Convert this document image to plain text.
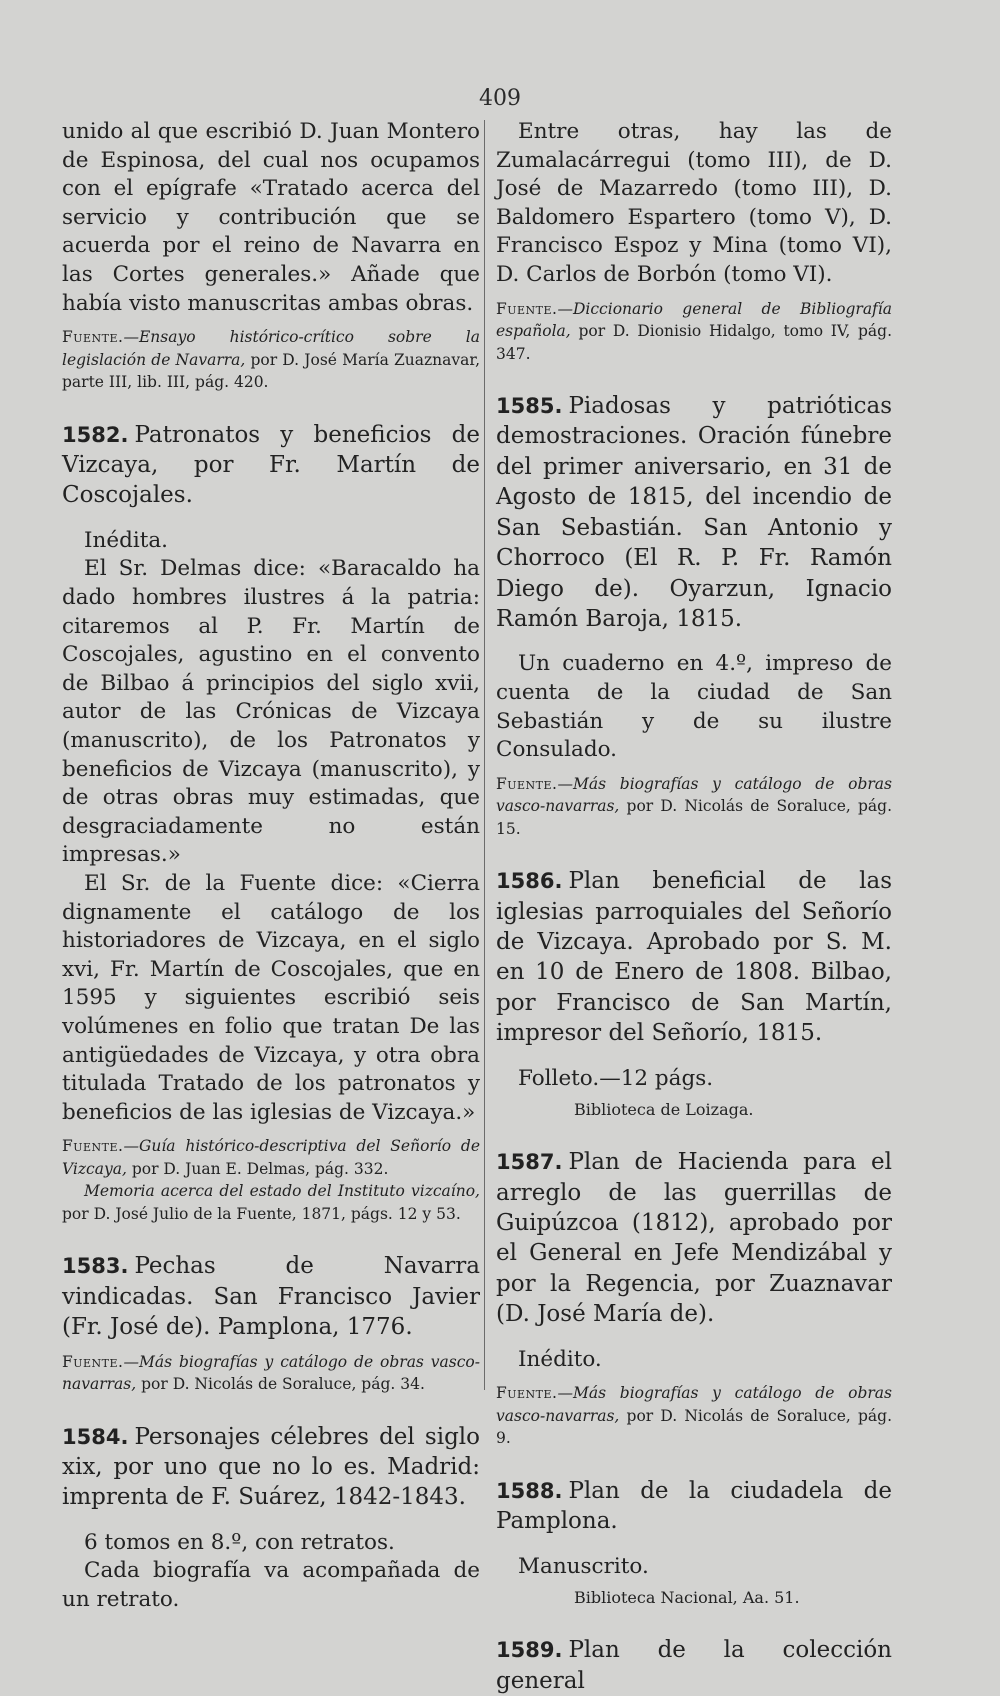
409

unido al que escribió D. Juan Montero de Espinosa, del cual nos ocupamos con el epígrafe «Tratado acerca del servicio y contribución que se acuerda por el reino de Navarra en las Cortes generales.» Añade que había visto manuscritas ambas obras.

Fuente.—Ensayo histórico-crítico sobre la legislación de Navarra, por D. José María Zuaznavar, parte III, lib. III, pág. 420.

1582. Patronatos y beneficios de Vizcaya, por Fr. Martín de Coscojales.

Inédita.

El Sr. Delmas dice: «Baracaldo ha dado hombres ilustres á la patria: citaremos al P. Fr. Martín de Coscojales, agustino en el convento de Bilbao á principios del siglo xvii, autor de las Crónicas de Vizcaya (manuscrito), de los Patronatos y beneficios de Vizcaya (manuscrito), y de otras obras muy estimadas, que desgraciadamente no están impresas.»

El Sr. de la Fuente dice: «Cierra dignamente el catálogo de los historiadores de Vizcaya, en el siglo xvi, Fr. Martín de Coscojales, que en 1595 y siguientes escribió seis volúmenes en folio que tratan De las antigüedades de Vizcaya, y otra obra titulada Tratado de los patronatos y beneficios de las iglesias de Vizcaya.»

Fuente.—Guía histórico-descriptiva del Señorío de Vizcaya, por D. Juan E. Delmas, pág. 332.

Memoria acerca del estado del Instituto vizcaíno, por D. José Julio de la Fuente, 1871, págs. 12 y 53.

1583. Pechas de Navarra vindicadas. San Francisco Javier (Fr. José de). Pamplona, 1776.

Fuente.—Más biografías y catálogo de obras vasco-navarras, por D. Nicolás de Soraluce, pág. 34.

1584. Personajes célebres del siglo xix, por uno que no lo es. Madrid: imprenta de F. Suárez, 1842-1843.

6 tomos en 8.º, con retratos.

Cada biografía va acompañada de un retrato.

Entre otras, hay las de Zumalacárregui (tomo III), de D. José de Mazarredo (tomo III), D. Baldomero Espartero (tomo V), D. Francisco Espoz y Mina (tomo VI), D. Carlos de Borbón (tomo VI).

Fuente.—Diccionario general de Bibliografía española, por D. Dionisio Hidalgo, tomo IV, pág. 347.

1585. Piadosas y patrióticas demostraciones. Oración fúnebre del primer aniversario, en 31 de Agosto de 1815, del incendio de San Sebastián. San Antonio y Chorroco (El R. P. Fr. Ramón Diego de). Oyarzun, Ignacio Ramón Baroja, 1815.

Un cuaderno en 4.º, impreso de cuenta de la ciudad de San Sebastián y de su ilustre Consulado.

Fuente.—Más biografías y catálogo de obras vasco-navarras, por D. Nicolás de Soraluce, pág. 15.

1586. Plan beneficial de las iglesias parroquiales del Señorío de Vizcaya. Aprobado por S. M. en 10 de Enero de 1808. Bilbao, por Francisco de San Martín, impresor del Señorío, 1815.

Folleto.—12 págs.

Biblioteca de Loizaga.

1587. Plan de Hacienda para el arreglo de las guerrillas de Guipúzcoa (1812), aprobado por el General en Jefe Mendizábal y por la Regencia, por Zuaznavar (D. José María de).

Inédito.

Fuente.—Más biografías y catálogo de obras vasco-navarras, por D. Nicolás de Soraluce, pág. 9.

1588. Plan de la ciudadela de Pamplona.

Manuscrito.

Biblioteca Nacional, Aa. 51.

1589. Plan de la colección general
